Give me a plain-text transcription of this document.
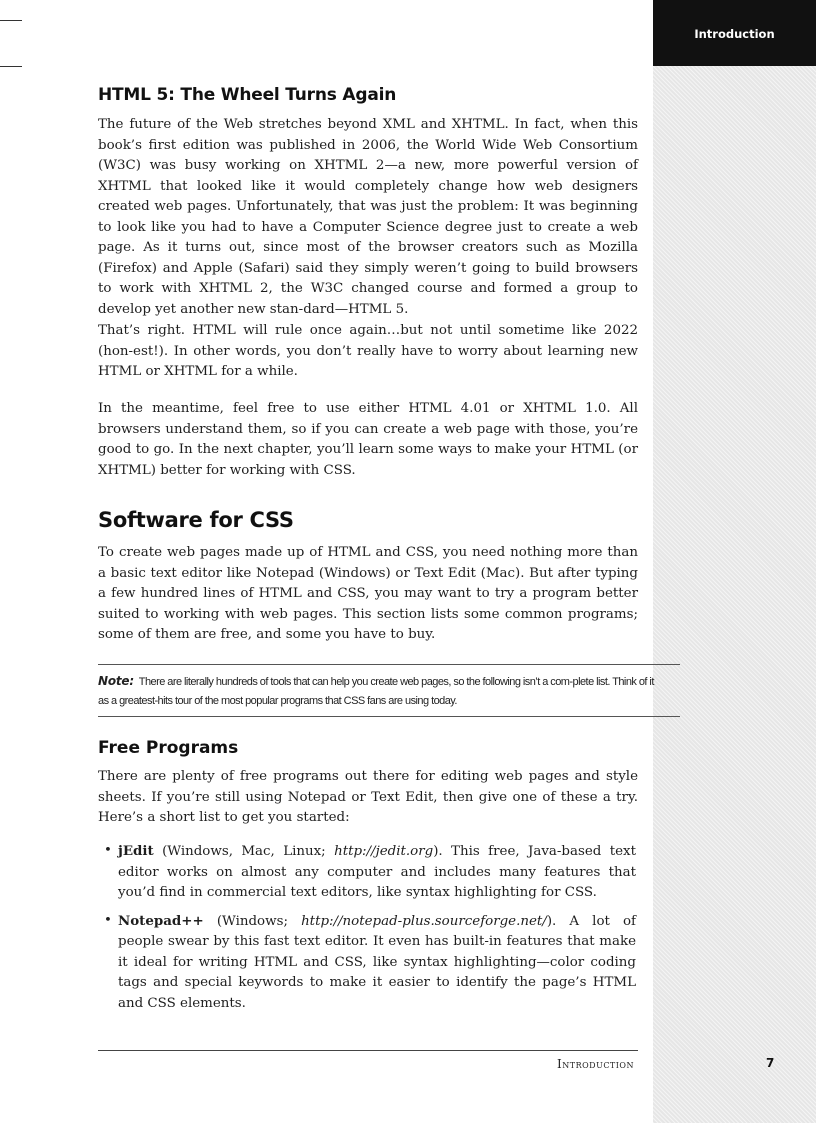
Introduction
HTML 5: The Wheel Turns Again

The future of the Web stretches beyond XML and XHTML. In fact, when this book’s first edition was published in 2006, the World Wide Web Consortium (W3C) was busy working on XHTML 2—a new, more powerful version of XHTML that looked like it would completely change how web designers created web pages. Unfortunately, that was just the problem: It was beginning to look like you had to have a Computer Science degree just to create a web page. As it turns out, since most of the browser creators such as Mozilla (Firefox) and Apple (Safari) said they simply weren’t going to build browsers to work with XHTML 2, the W3C changed course and formed a group to develop yet another new stan-dard—HTML 5.

That’s right. HTML will rule once again…but not until sometime like 2022 (hon-est!). In other words, you don’t really have to worry about learning new HTML or XHTML for a while.

In the meantime, feel free to use either HTML 4.01 or XHTML 1.0. All browsers understand them, so if you can create a web page with those, you’re good to go. In the next chapter, you’ll learn some ways to make your HTML (or XHTML) better for working with CSS.

Software for CSS

To create web pages made up of HTML and CSS, you need nothing more than a basic text editor like Notepad (Windows) or Text Edit (Mac). But after typing a few hundred lines of HTML and CSS, you may want to try a program better suited to working with web pages. This section lists some common programs; some of them are free, and some you have to buy.

Note: There are literally hundreds of tools that can help you create web pages, so the following isn’t a com-plete list. Think of it as a greatest-hits tour of the most popular programs that CSS fans are using today.

Free Programs

There are plenty of free programs out there for editing web pages and style sheets. If you’re still using Notepad or Text Edit, then give one of these a try. Here’s a short list to get you started:

• jEdit (Windows, Mac, Linux; http://jedit.org). This free, Java-based text editor works on almost any computer and includes many features that you’d find in commercial text editors, like syntax highlighting for CSS.
• Notepad++ (Windows; http://notepad-plus.sourceforge.net/). A lot of people swear by this fast text editor. It even has built-in features that make it ideal for writing HTML and CSS, like syntax highlighting—color coding tags and special keywords to make it easier to identify the page’s HTML and CSS elements.
Introduction	7
